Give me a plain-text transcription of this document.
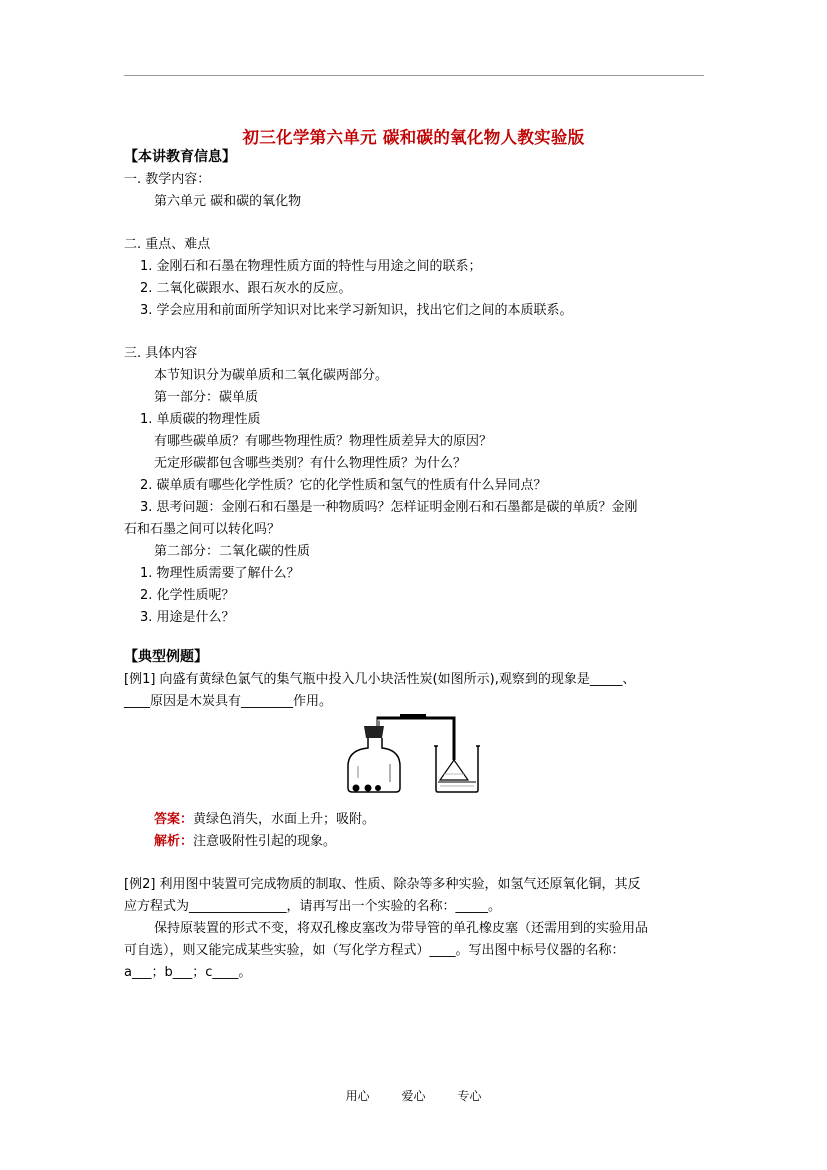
初三化学第六单元 碳和碳的氧化物人教实验版
【本讲教育信息】
一. 教学内容：
第六单元 碳和碳的氧化物
二. 重点、难点
1. 金刚石和石墨在物理性质方面的特性与用途之间的联系；
2. 二氧化碳跟水、跟石灰水的反应。
3. 学会应用和前面所学知识对比来学习新知识，找出它们之间的本质联系。
三. 具体内容
本节知识分为碳单质和二氧化碳两部分。
第一部分：碳单质
1. 单质碳的物理性质
有哪些碳单质？有哪些物理性质？物理性质差异大的原因？
无定形碳都包含哪些类别？有什么物理性质？为什么？
2. 碳单质有哪些化学性质？它的化学性质和氢气的性质有什么异同点？
3. 思考问题：金刚石和石墨是一种物质吗？怎样证明金刚石和石墨都是碳的单质？金刚
石和石墨之间可以转化吗？
第二部分：二氧化碳的性质
1. 物理性质需要了解什么？
2. 化学性质呢？
3. 用途是什么？
【典型例题】
[例1] 向盛有黄绿色氯气的集气瓶中投入几小块活性炭(如图所示),观察到的现象是_____、
____原因是木炭具有________作用。
答案：黄绿色消失，水面上升；吸附。
解析：注意吸附性引起的现象。
[例2] 利用图中装置可完成物质的制取、性质、除杂等多种实验，如氢气还原氧化铜，其反
应方程式为_______________，请再写出一个实验的名称：_____。
保持原装置的形式不变，将双孔橡皮塞改为带导管的单孔橡皮塞（还需用到的实验用品
可自选），则又能完成某些实验，如（写化学方程式）____。写出图中标号仪器的名称：
a___；b___；c____。
用心	爱心	专心
